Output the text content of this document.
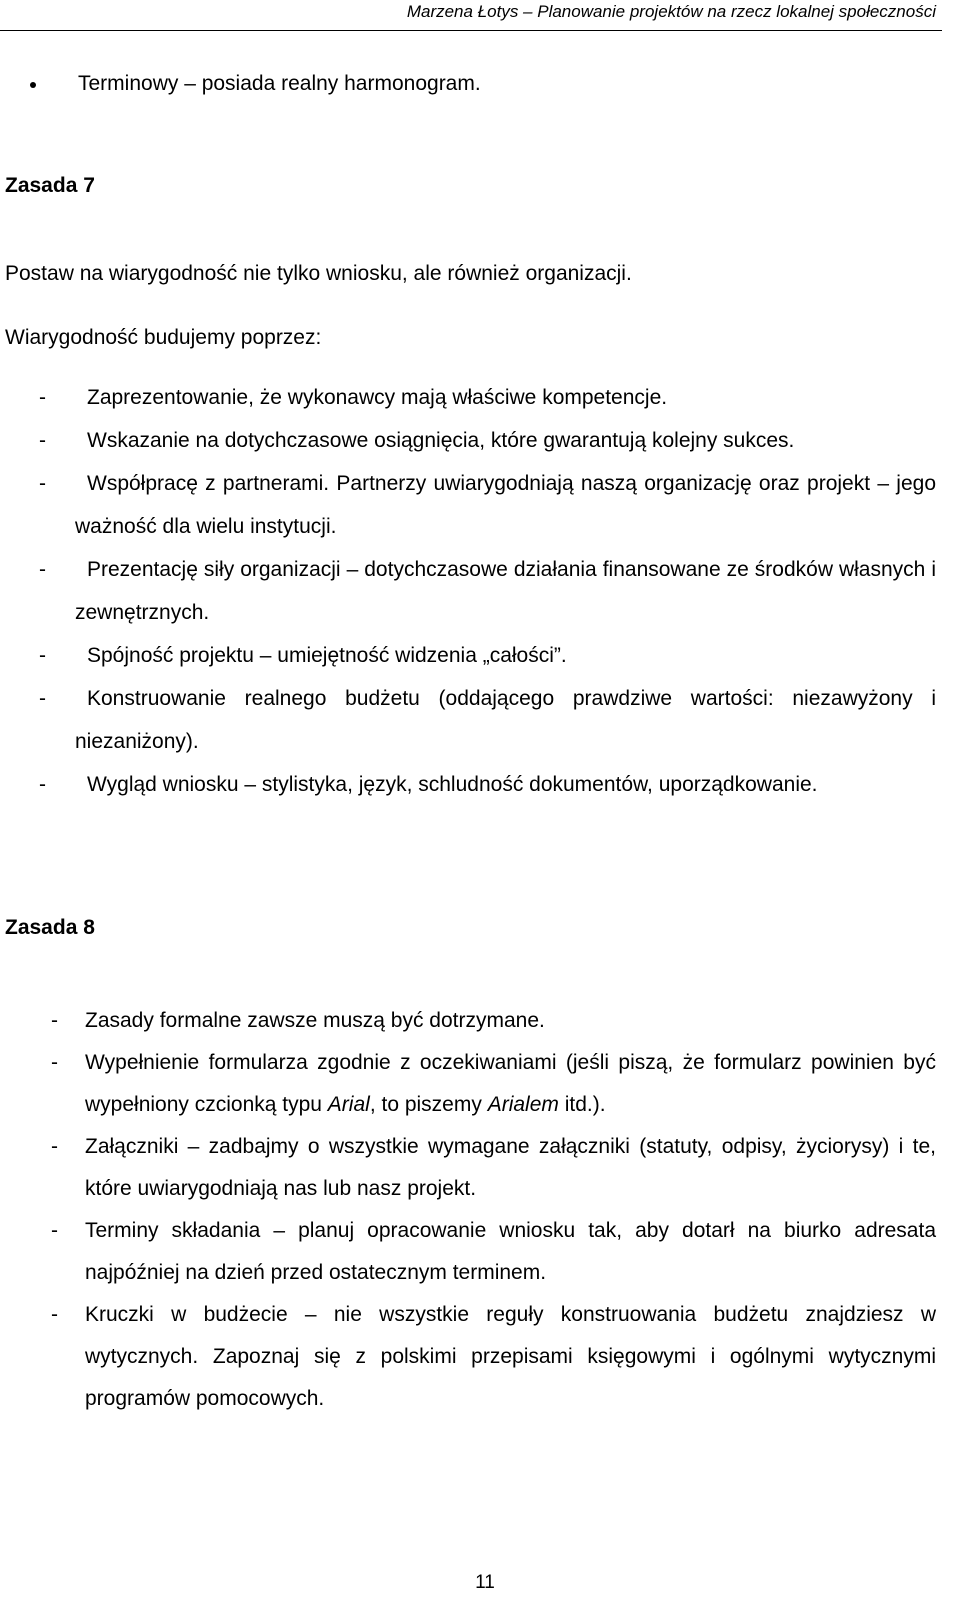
Marzena Łotys – Planowanie projektów na rzecz lokalnej społeczności
Terminowy – posiada realny harmonogram.
Zasada 7
Postaw na wiarygodność nie tylko wniosku, ale również organizacji.
Wiarygodność budujemy poprzez:
- Zaprezentowanie, że wykonawcy mają właściwe kompetencje.
- Wskazanie na dotychczasowe osiągnięcia, które gwarantują kolejny sukces.
-	Współpracę z partnerami. Partnerzy uwiarygodniają naszą organizację oraz projekt – jego ważność dla wielu instytucji.
-	Prezentację siły organizacji – dotychczasowe działania finansowane ze środków własnych i zewnętrznych.
- Spójność projektu – umiejętność widzenia „całości”.
-	Konstruowanie realnego budżetu (oddającego prawdziwe wartości: niezawyżony i niezaniżony).
-	Wygląd wniosku – stylistyka, język, schludność dokumentów, uporządkowanie.
Zasada 8
- Zasady formalne zawsze muszą być dotrzymane.
- Wypełnienie formularza zgodnie z oczekiwaniami (jeśli piszą, że formularz powinien być wypełniony czcionką typu Arial, to piszemy Arialem itd.).
- Załączniki – zadbajmy o wszystkie wymagane załączniki (statuty, odpisy, życiorysy) i te, które uwiarygodniają nas lub nasz projekt.
- Terminy składania – planuj opracowanie wniosku tak, aby dotarł na biurko adresata najpóźniej na dzień przed ostatecznym terminem.
- Kruczki w budżecie – nie wszystkie reguły konstruowania budżetu znajdziesz w wytycznych. Zapoznaj się z polskimi przepisami księgowymi i ogólnymi wytycznymi programów pomocowych.
11
